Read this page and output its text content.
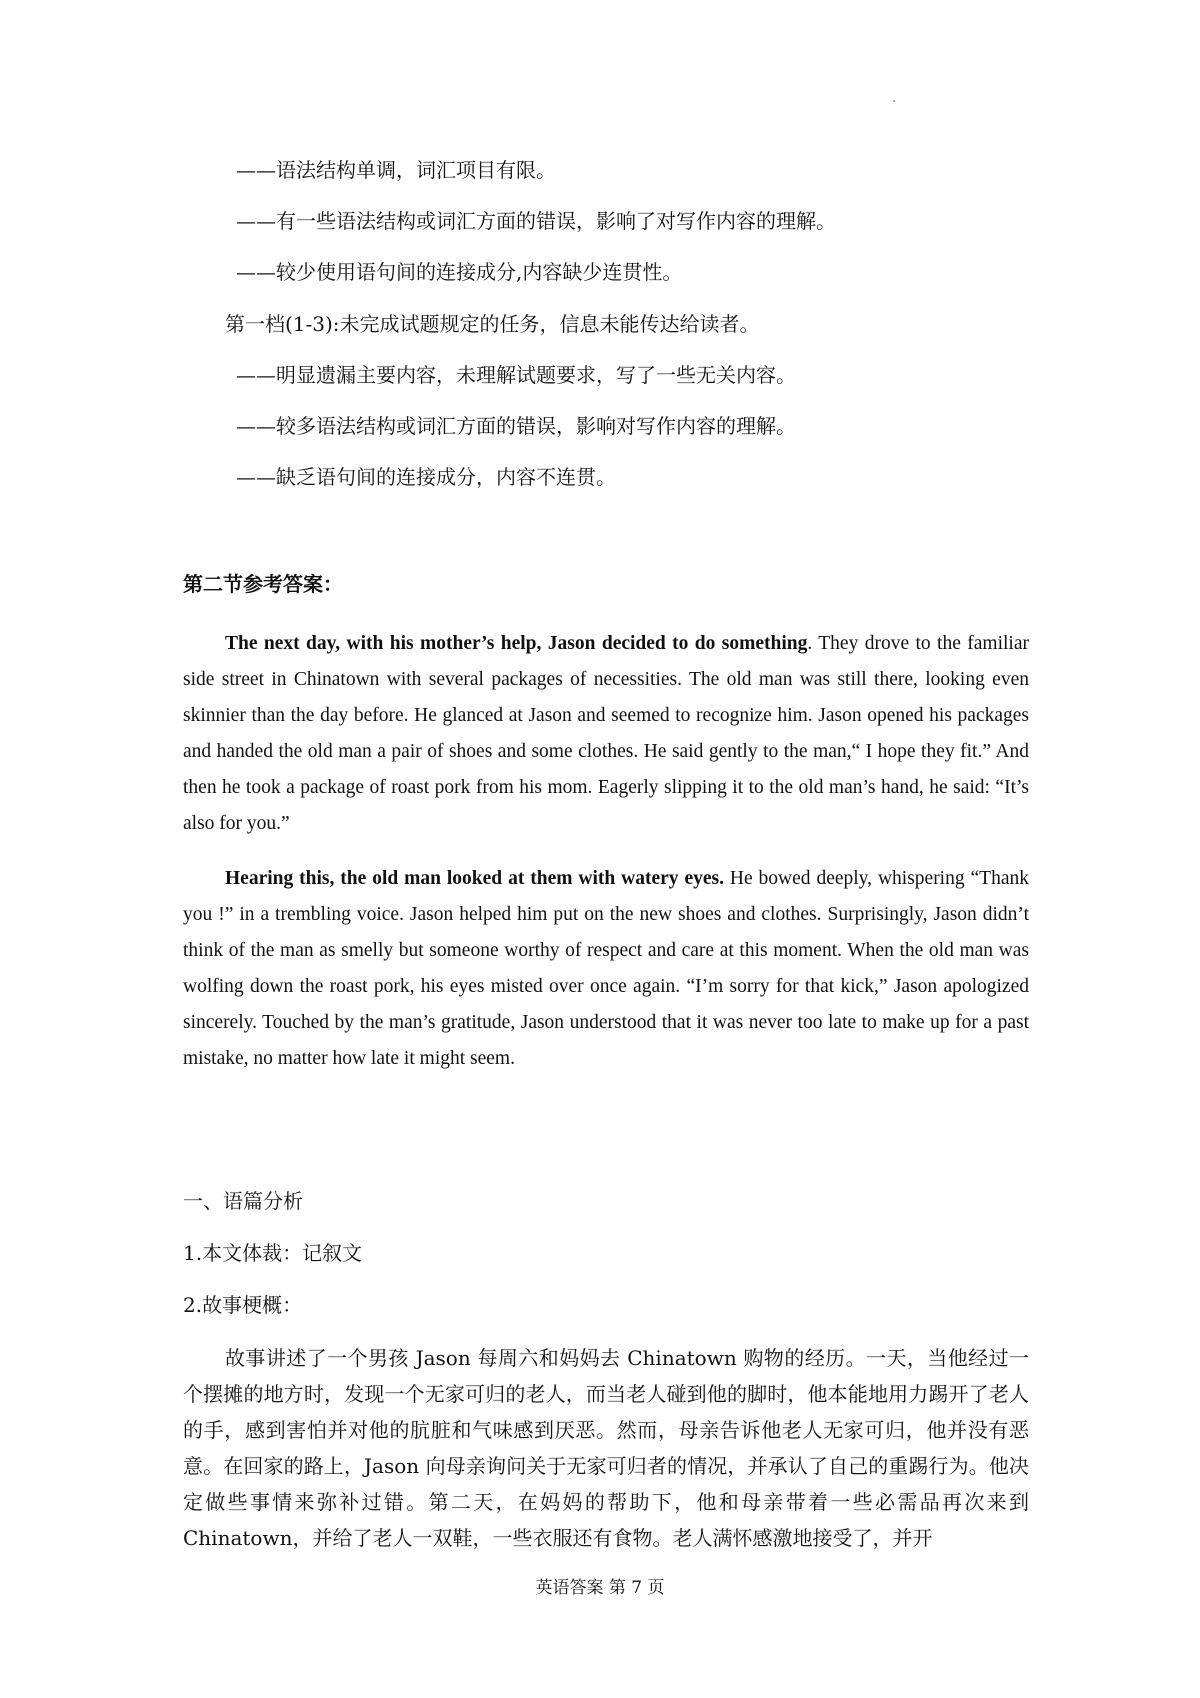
——语法结构单调，词汇项目有限。
——有一些语法结构或词汇方面的错误，影响了对写作内容的理解。
——较少使用语句间的连接成分,内容缺少连贯性。
第一档(1-3):未完成试题规定的任务，信息未能传达给读者。
——明显遗漏主要内容，未理解试题要求，写了一些无关内容。
——较多语法结构或词汇方面的错误，影响对写作内容的理解。
——缺乏语句间的连接成分，内容不连贯。
第二节参考答案：

The next day, with his mother’s help, Jason decided to do something. They drove to the familiar side street in Chinatown with several packages of necessities. The old man was still there, looking even skinnier than the day before. He glanced at Jason and seemed to recognize him. Jason opened his packages and handed the old man a pair of shoes and some clothes. He said gently to the man,“ I hope they fit.” And then he took a package of roast pork from his mom. Eagerly slipping it to the old man’s hand, he said: “It’s also for you.”

Hearing this, the old man looked at them with watery eyes. He bowed deeply, whispering “Thank you !” in a trembling voice. Jason helped him put on the new shoes and clothes. Surprisingly, Jason didn’t think of the man as smelly but someone worthy of respect and care at this moment. When the old man was wolfing down the roast pork, his eyes misted over once again. “I’m sorry for that kick,” Jason apologized sincerely. Touched by the man’s gratitude, Jason understood that it was never too late to make up for a past mistake, no matter how late it might seem.

一、语篇分析
1.本文体裁：记叙文
2.故事梗概：
故事讲述了一个男孩 Jason 每周六和妈妈去 Chinatown 购物的经历。一天，当他经过一个摆摊的地方时，发现一个无家可归的老人，而当老人碰到他的脚时，他本能地用力踢开了老人的手，感到害怕并对他的肮脏和气味感到厌恶。然而，母亲告诉他老人无家可归，他并没有恶意。在回家的路上，Jason 向母亲询问关于无家可归者的情况，并承认了自己的重踢行为。他决定做些事情来弥补过错。第二天，在妈妈的帮助下，他和母亲带着一些必需品再次来到 Chinatown，并给了老人一双鞋，一些衣服还有食物。老人满怀感激地接受了，并开
英语答案 第 7 页
